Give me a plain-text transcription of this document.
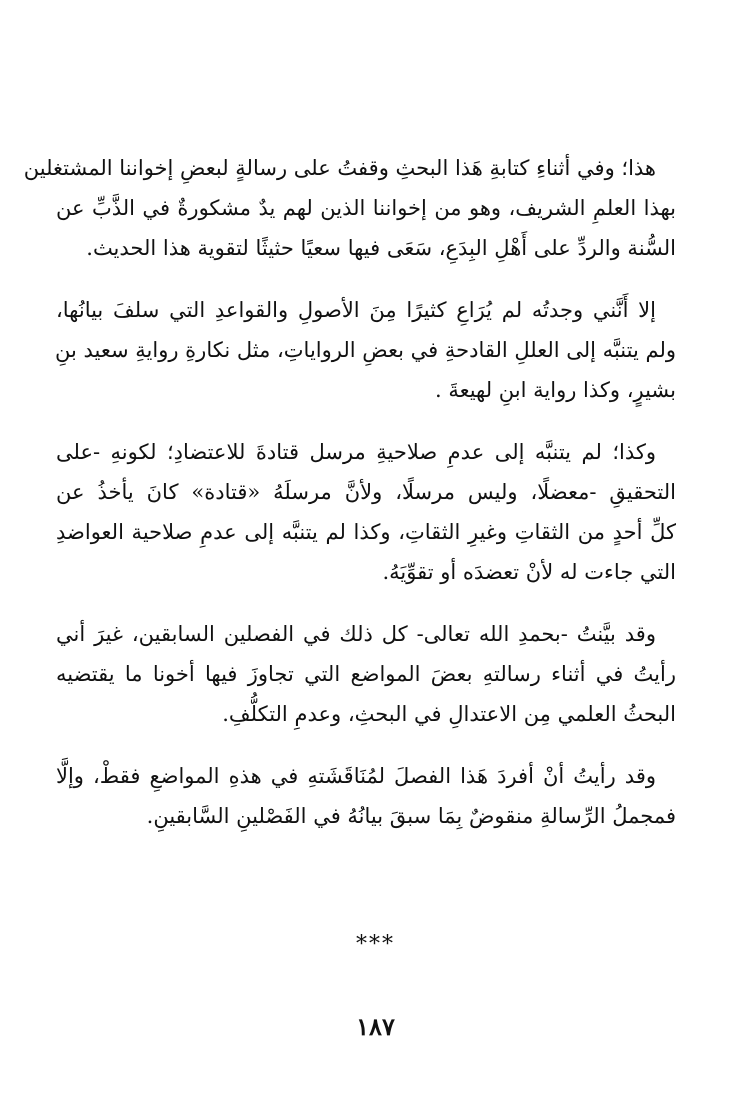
هذا؛ وفي أثناءِ كتابةِ هَذا البحثِ وقفتُ على رسالةٍ لبعضِ إخواننا المشتغلين
بهذا العلمِ الشريف، وهو من إخواننا الذين لهم يدٌ مشكورةٌ في الذَّبِّ عن
السُّنة والردِّ على أَهْلِ البِدَعِ، سَعَى فيها سعيًا حثيثًا لتقوية هذا الحديث.
إلا أَنَّني وجدتُه لم يُرَاعِ كثيرًا مِنَ الأصولِ والقواعدِ التي سلفَ بيانُها،
ولم يتنبَّه إلى العللِ القادحةِ في بعضِ الرواياتِ، مثل نكارةِ روايةِ سعيد بنِ
بشيرٍ، وكذا رواية ابنِ لهيعةَ .
وكذا؛ لم يتنبَّه إلى عدمِ صلاحيةِ مرسل قتادةَ للاعتضادِ؛ لكونهِ -على
التحقيقِ -معضلًا، وليس مرسلًا، ولأنَّ مرسلَهُ «قتادة» كانَ يأخذُ عن
كلِّ أحدٍ من الثقاتِ وغيرِ الثقاتِ، وكذا لم يتنبَّه إلى عدمِ صلاحية العواضدِ
التي جاءت له لأنْ تعضدَه أو تقوِّيَهُ.
وقد بيَّنتُ -بحمدِ الله تعالى- كل ذلك في الفصلين السابقين، غيرَ أني
رأيتُ في أثناء رسالتهِ بعضَ المواضع التي تجاوزَ فيها أخونا ما يقتضيه
البحثُ العلمي مِن الاعتدالِ في البحثِ، وعدمِ التكلُّفِ.
وقد رأيتُ أنْ أفردَ هَذا الفصلَ لمُنَاقَشَتهِ في هذهِ المواضعِ فقطْ، وإلَّا
فمجملُ الرِّسالةِ منقوضٌ بِمَا سبقَ بيانُهُ في الفَصْلينِ السَّابقينِ.
***
١٨٧
